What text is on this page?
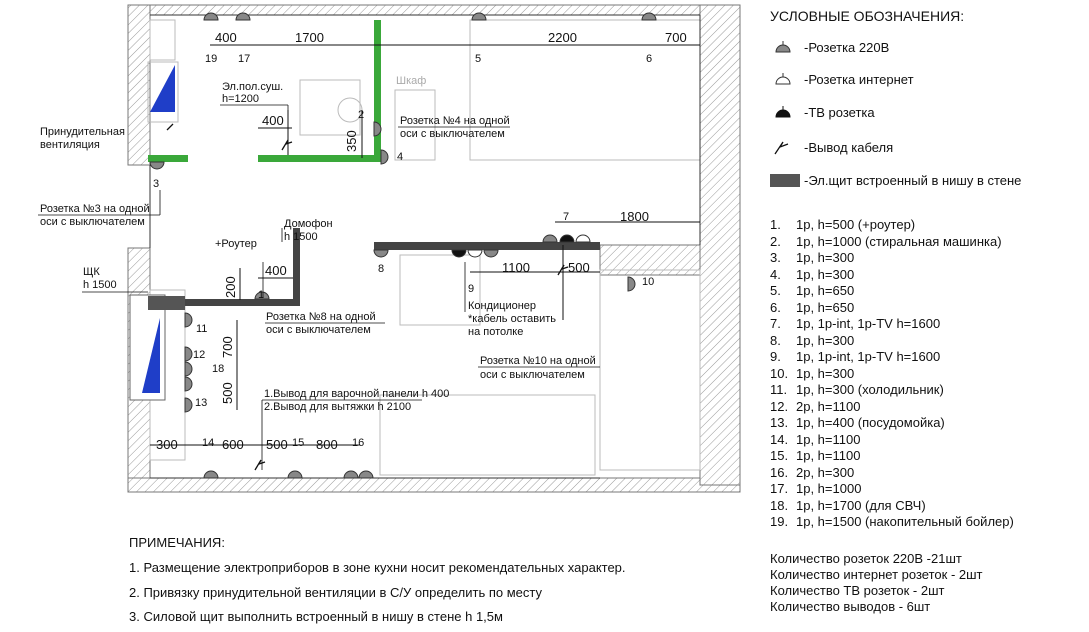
400	1700	2200	700
400
350
1800
1100	500
400
200
700
500
300	600 500 800
19 17	5	6
2
4
3
7
8
9
10
1
11
12
18
13
14	15	16
Эл.пол.суш.
h=1200
Принудительная
вентиляция
Розетка №4 на одной
оси с выключателем
Розетка №3 на одной
оси с выключателем	Домофон
h 1500
+Роутер
ЩК
h 1500
Розетка №8 на одной
оси с выключателем
Кондиционер
*кабель оставить
на потолке
Розетка №10 на одной
оси с выключателем
1.Вывод для варочной панели h 400
2.Вывод для вытяжки h 2100
Шкаф
УСЛОВНЫЕ ОБОЗНАЧЕНИЯ:
-Розетка 220В
-Розетка интернет
-ТВ розетка
-Вывод кабеля
-Эл.щит встроенный в нишу в стене
1. 1р, h=500 (+роутер)
2. 1р, h=1000 (стиральная машинка)
3. 1р, h=300
4. 1р, h=300
5. 1р, h=650
6. 1р, h=650
7. 1р, 1р-int, 1р-TV h=1600
8. 1р, h=300
9. 1р, 1р-int, 1р-TV h=1600
10. 1р, h=300
11. 1р, h=300 (холодильник)
12. 2р, h=1100
13. 1р, h=400 (посудомойка)
14. 1р, h=1100
15. 1р, h=1100
16. 2р, h=300
17. 1р, h=1000
18. 1р, h=1700 (для СВЧ)
19. 1р, h=1500 (накопительный бойлер)
Количество розеток 220В -21шт
Количество интернет розеток - 2шт
Количество ТВ розеток - 2шт
Количество выводов - 6шт
ПРИМЕЧАНИЯ:
1. Размещение электроприборов в зоне кухни носит рекомендательных характер.
2. Привязку принудительной вентиляции в С/У определить по месту
3. Силовой щит выполнить встроенный в нишу в стене h 1,5м
